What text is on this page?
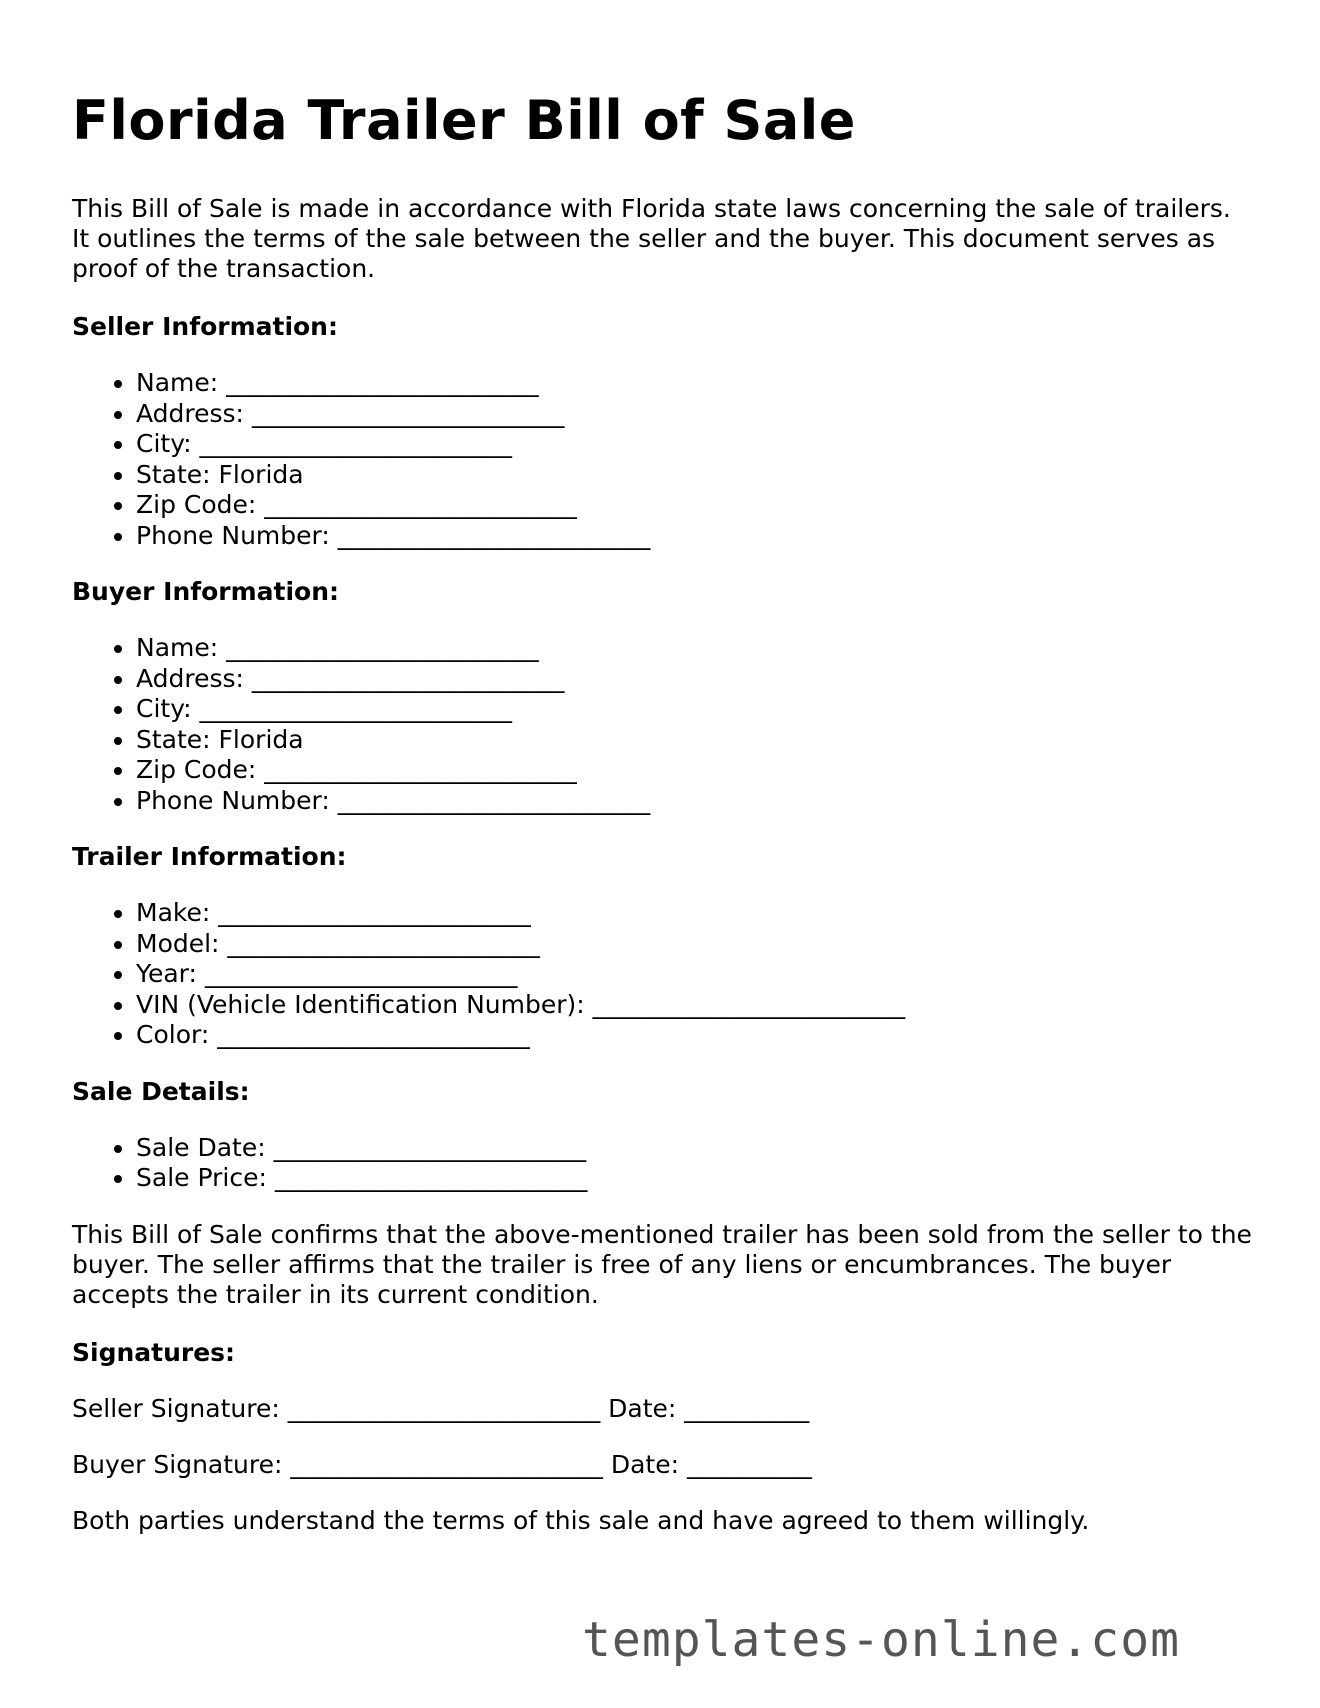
Florida Trailer Bill of Sale

This Bill of Sale is made in accordance with Florida state laws concerning the sale of trailers. It outlines the terms of the sale between the seller and the buyer. This document serves as proof of the transaction.

Seller Information:
• Name: _________________________
• Address: _________________________
• City: _________________________
• State: Florida
• Zip Code: _________________________
• Phone Number: _________________________
Buyer Information:
• Name: _________________________
• Address: _________________________
• City: _________________________
• State: Florida
• Zip Code: _________________________
• Phone Number: _________________________
Trailer Information:
• Make: _________________________
• Model: _________________________
• Year: _________________________
• VIN (Vehicle Identification Number): _________________________
• Color: _________________________
Sale Details:
• Sale Date: _________________________
• Sale Price: _________________________

This Bill of Sale confirms that the above-mentioned trailer has been sold from the seller to the buyer. The seller affirms that the trailer is free of any liens or encumbrances. The buyer accepts the trailer in its current condition.

Signatures:

Seller Signature: _________________________ Date: __________

Buyer Signature: _________________________ Date: __________

Both parties understand the terms of this sale and have agreed to them willingly.

templates-online.com
